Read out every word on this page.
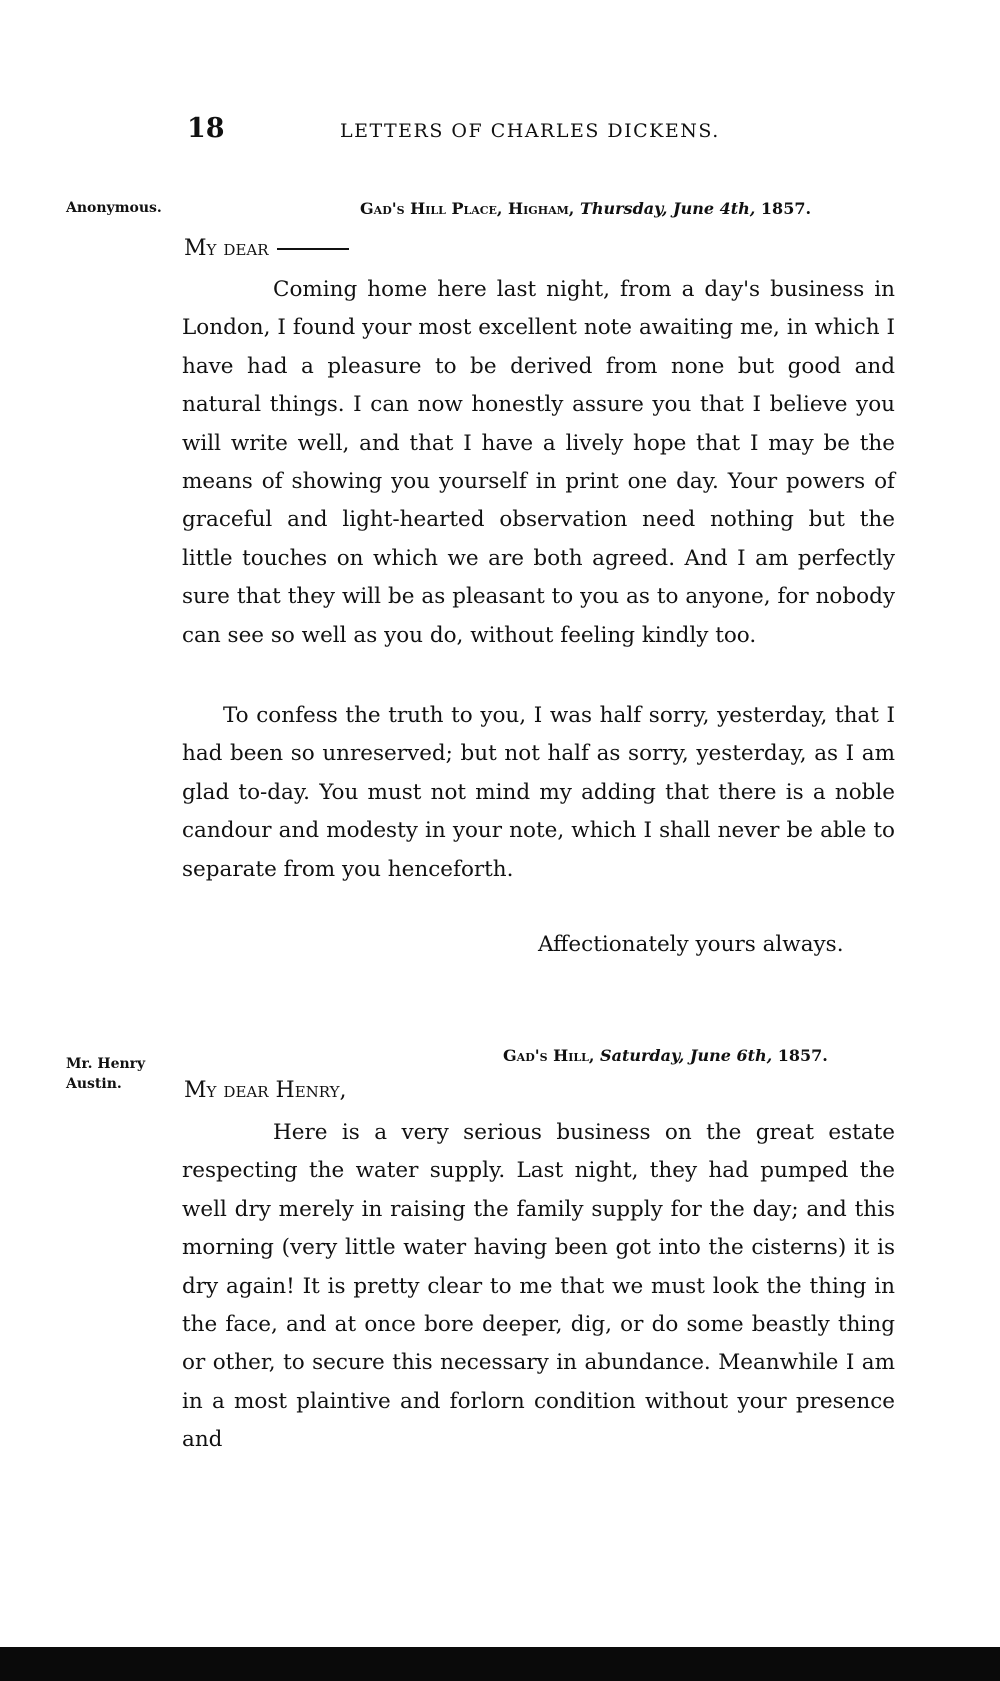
18	LETTERS OF CHARLES DICKENS.
Anonymous.	Gad's Hill Place, Higham, Thursday, June 4th, 1857.
My dear

Coming home here last night, from a day's business in London, I found your most excellent note awaiting me, in which I have had a pleasure to be derived from none but good and natural things. I can now honestly assure you that I believe you will write well, and that I have a lively hope that I may be the means of showing you yourself in print one day. Your powers of graceful and light-hearted observation need nothing but the little touches on which we are both agreed. And I am perfectly sure that they will be as pleasant to you as to anyone, for nobody can see so well as you do, without feeling kindly too.

To confess the truth to you, I was half sorry, yesterday, that I had been so unreserved; but not half as sorry, yesterday, as I am glad to-day. You must not mind my adding that there is a noble candour and modesty in your note, which I shall never be able to separate from you henceforth.

Affectionately yours always.
Mr. Henry
Austin.
Gad's Hill, Saturday, June 6th, 1857.
My dear Henry,

Here is a very serious business on the great estate respecting the water supply. Last night, they had pumped the well dry merely in raising the family supply for the day; and this morning (very little water having been got into the cisterns) it is dry again! It is pretty clear to me that we must look the thing in the face, and at once bore deeper, dig, or do some beastly thing or other, to secure this necessary in abundance. Meanwhile I am in a most plaintive and forlorn condition without your presence and
